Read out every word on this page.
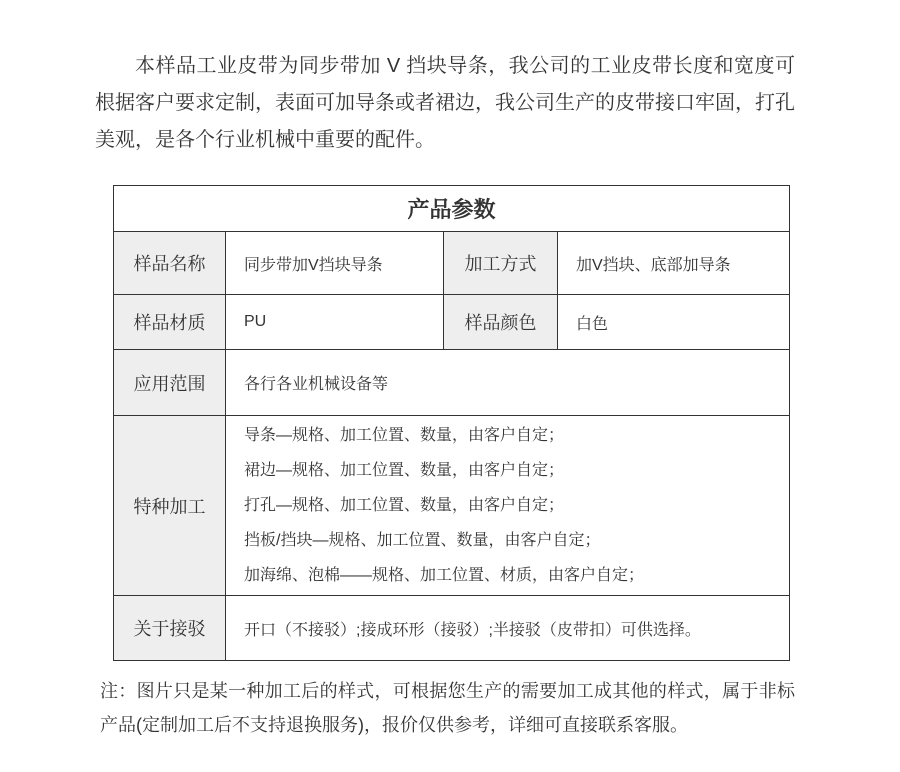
本样品工业皮带为同步带加 V 挡块导条，我公司的工业皮带长度和宽度可根据客户要求定制，表面可加导条或者裙边，我公司生产的皮带接口牢固，打孔美观，是各个行业机械中重要的配件。

产品参数			
样品名称	同步带加V挡块导条	加工方式	加V挡块、底部加导条
样品材质	PU	样品颜色	白色
应用范围	各行各业机械设备等		
特种加工	导条—规格、加工位置、数量，由客户自定；
裙边—规格、加工位置、数量，由客户自定；
打孔—规格、加工位置、数量，由客户自定；
挡板/挡块—规格、加工位置、数量，由客户自定；
加海绵、泡棉——规格、加工位置、材质，由客户自定；		

关于接驳	开口（不接驳）;接成环形（接驳）;半接驳（皮带扣）可供选择。		

注：图片只是某一种加工后的样式，可根据您生产的需要加工成其他的样式，属于非标产品(定制加工后不支持退换服务)，报价仅供参考，详细可直接联系客服。
